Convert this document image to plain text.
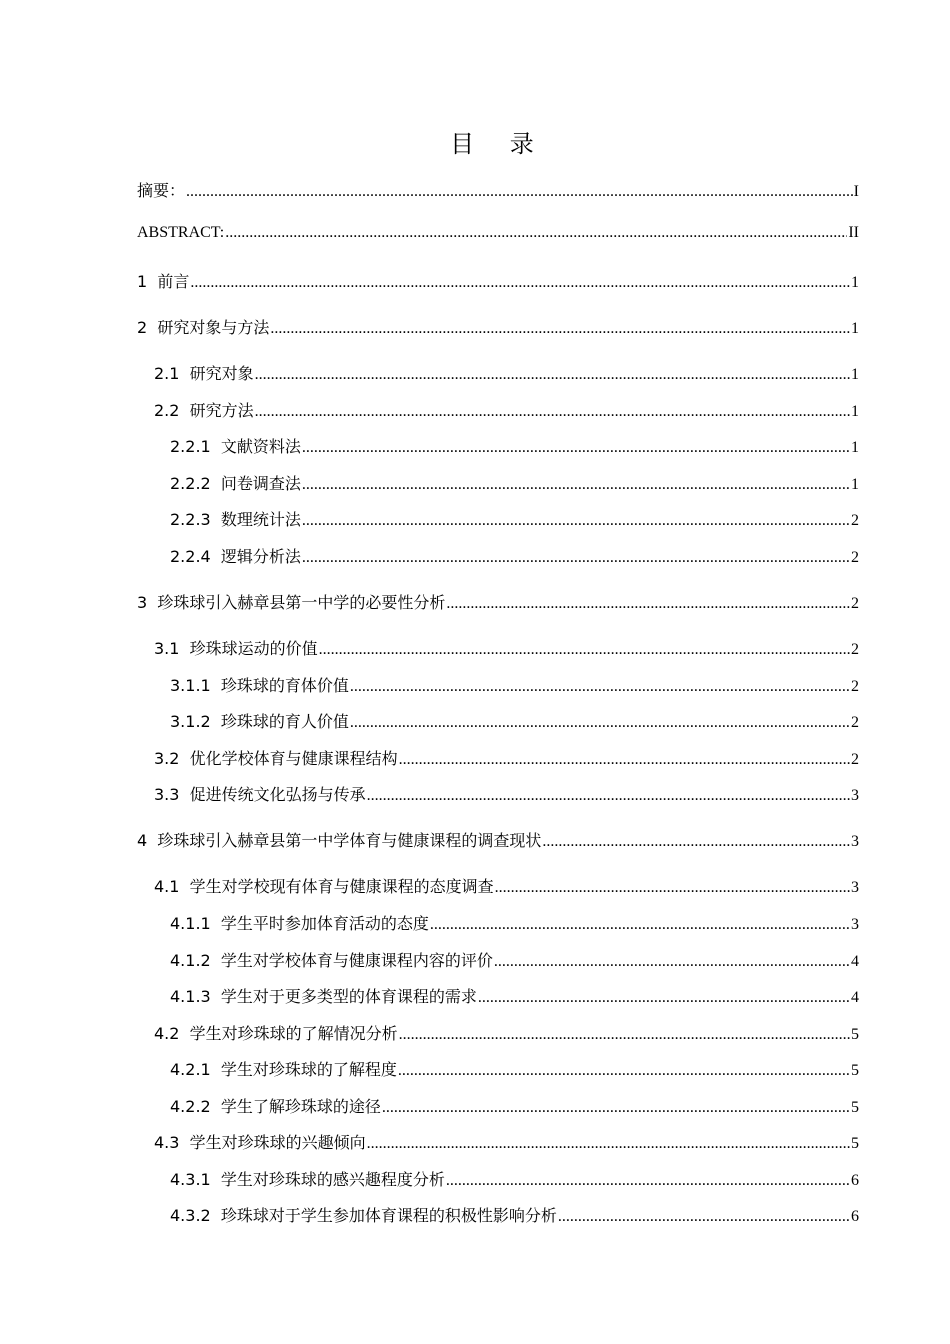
目 录
摘要： .....	I
ABSTRACT: .....	II
1  前言 .....	1
2  研究对象与方法 .....	1
2.1  研究对象 .....	1
2.2  研究方法 .....	1
2.2.1  文献资料法 .....	1
2.2.2  问卷调查法 .....	1
2.2.3  数理统计法 .....	2
2.2.4  逻辑分析法 .....	2
3  珍珠球引入赫章县第一中学的必要性分析 .....	2
3.1  珍珠球运动的价值 .....	2
3.1.1  珍珠球的育体价值 .....	2
3.1.2  珍珠球的育人价值 .....	2
3.2  优化学校体育与健康课程结构 .....	2
3.3  促进传统文化弘扬与传承 .....	3
4  珍珠球引入赫章县第一中学体育与健康课程的调查现状 .....	3
4.1  学生对学校现有体育与健康课程的态度调查 .....	3
4.1.1  学生平时参加体育活动的态度 .....	3
4.1.2  学生对学校体育与健康课程内容的评价 .....	4
4.1.3  学生对于更多类型的体育课程的需求 .....	4
4.2  学生对珍珠球的了解情况分析 .....	5
4.2.1  学生对珍珠球的了解程度 .....	5
4.2.2  学生了解珍珠球的途径 .....	5
4.3  学生对珍珠球的兴趣倾向 .....	5
4.3.1  学生对珍珠球的感兴趣程度分析 .....	6
4.3.2  珍珠球对于学生参加体育课程的积极性影响分析 .....	6
